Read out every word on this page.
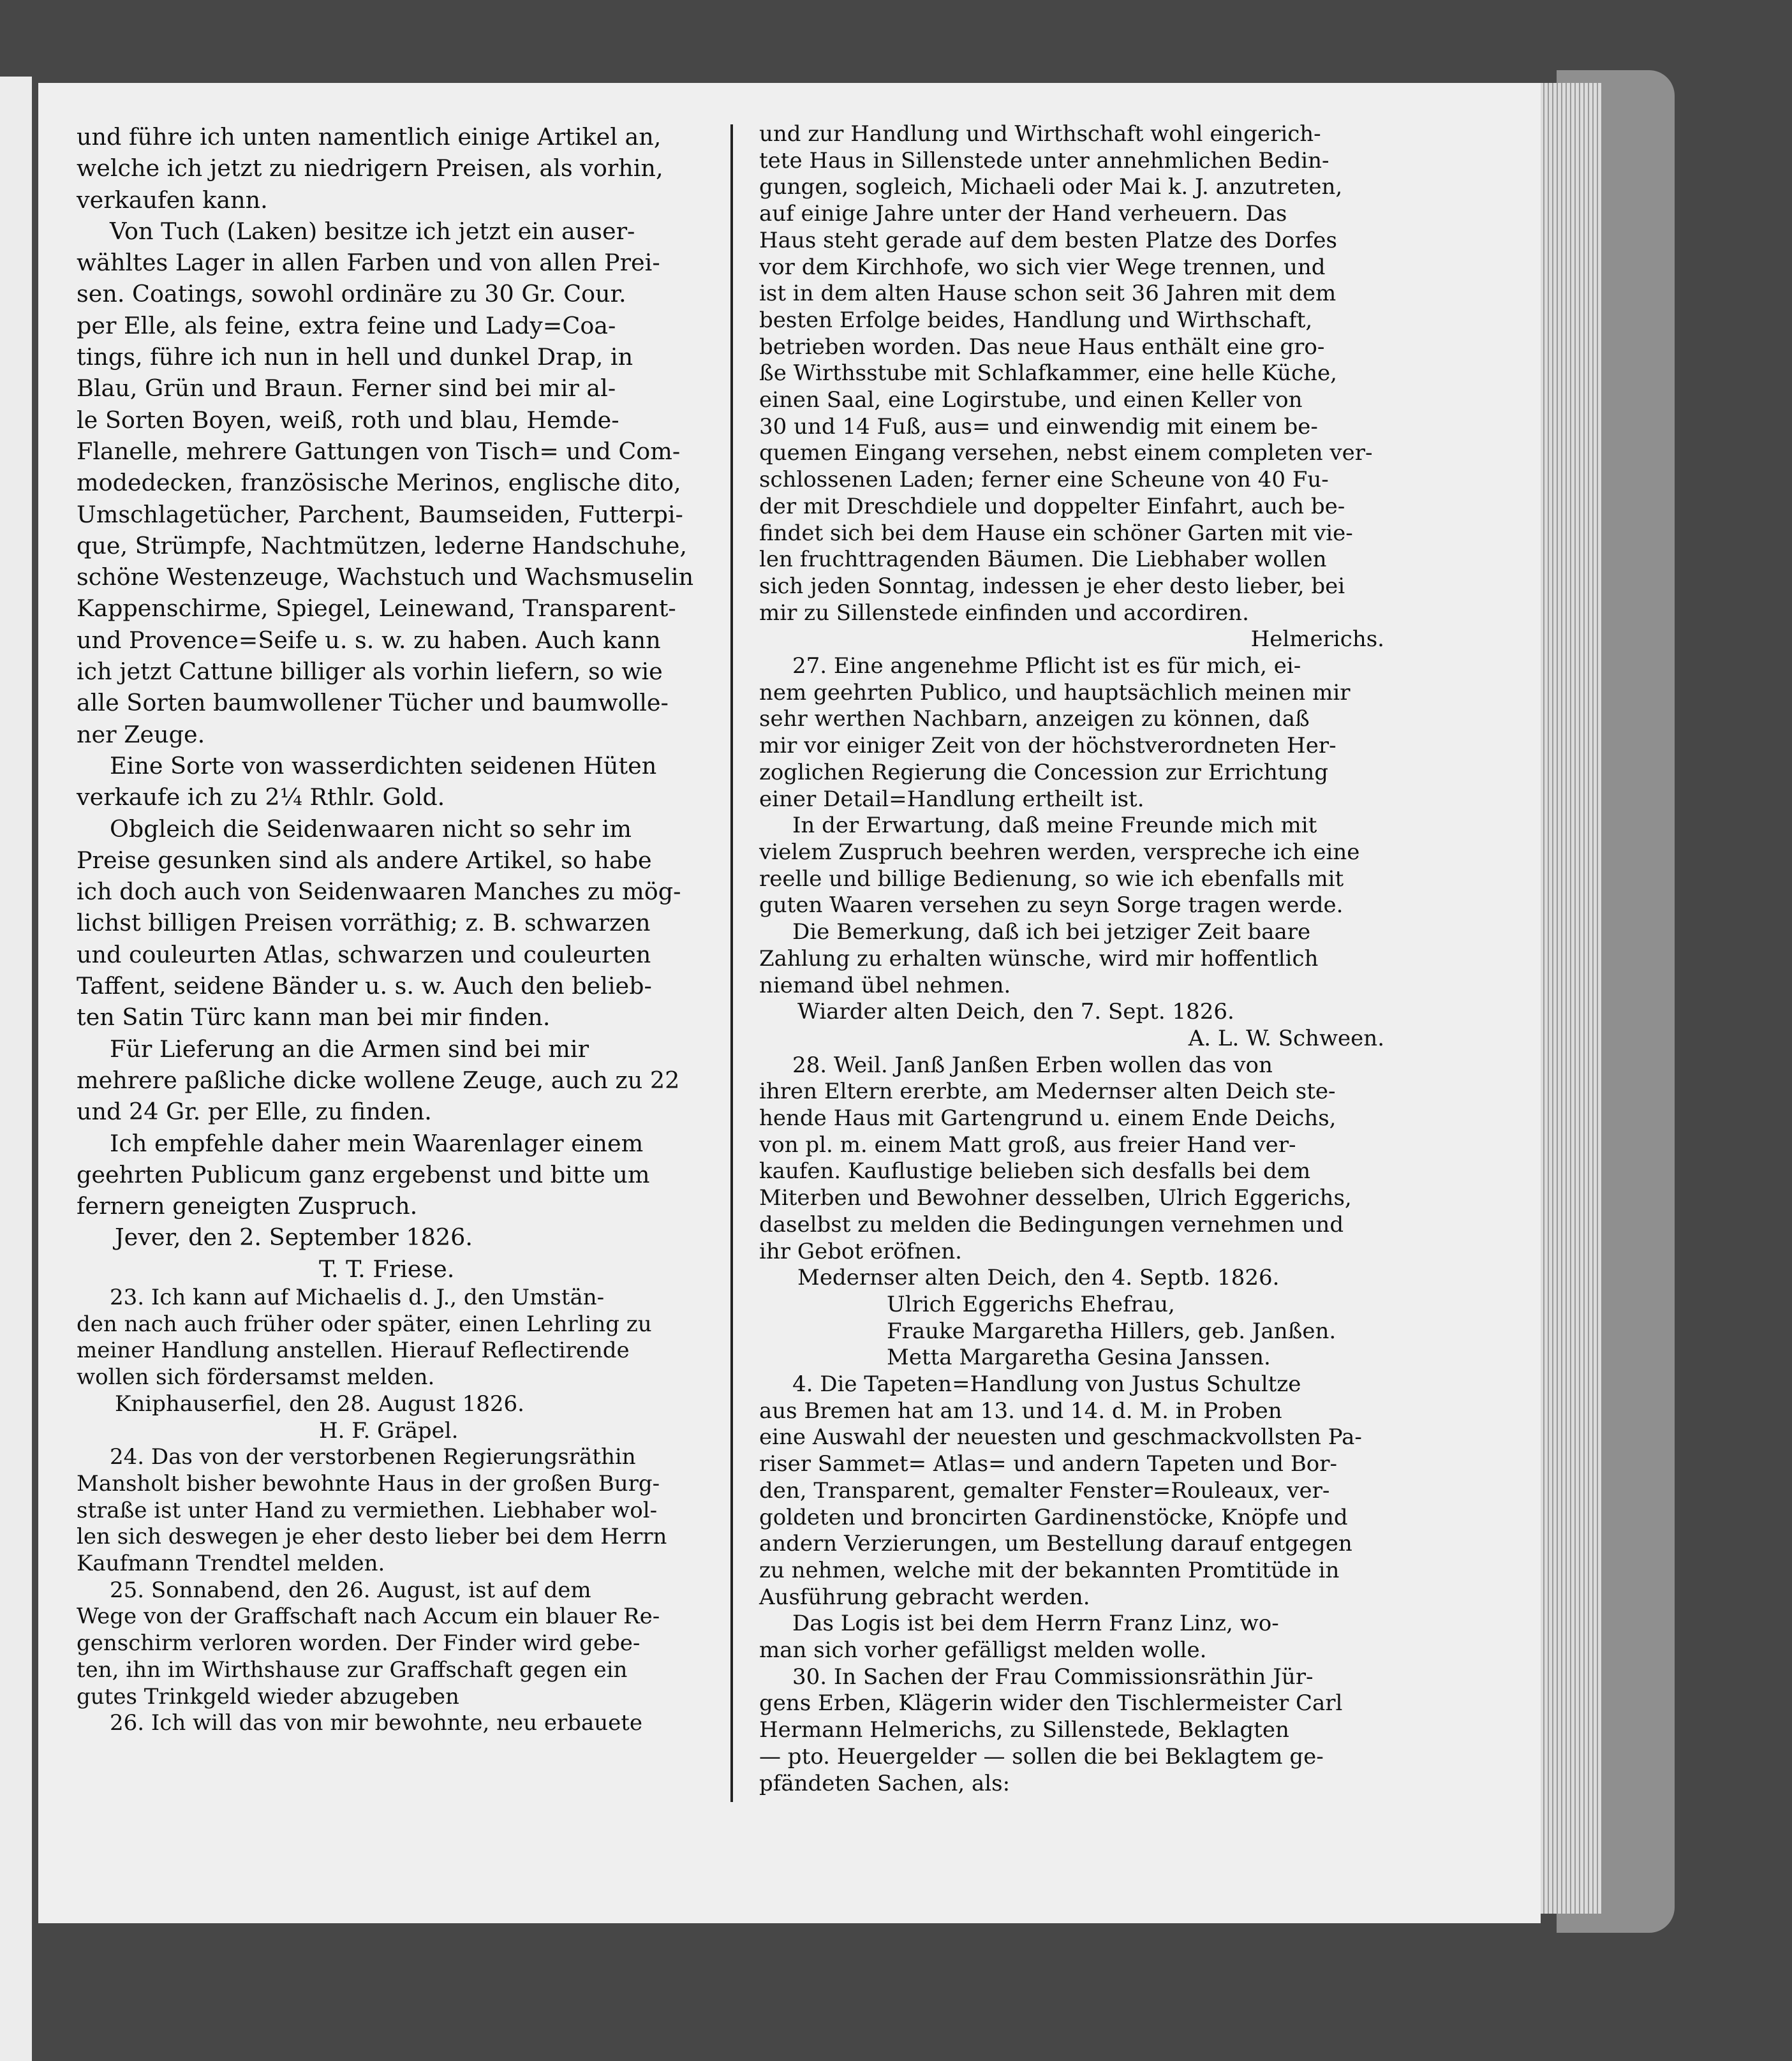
und führe ich unten namentlich einige Artikel an,
welche ich jetzt zu niedrigern Preisen, als vorhin,
verkaufen kann.

Von Tuch (Laken) besitze ich jetzt ein auser-
wähltes Lager in allen Farben und von allen Prei-
sen. Coatings, sowohl ordinäre zu 30 Gr. Cour.
per Elle, als feine, extra feine und Lady=Coa-
tings, führe ich nun in hell und dunkel Drap, in
Blau, Grün und Braun. Ferner sind bei mir al-
le Sorten Boyen, weiß, roth und blau, Hemde-
Flanelle, mehrere Gattungen von Tisch= und Com-
modedecken, französische Merinos, englische dito,
Umschlagetücher, Parchent, Baumseiden, Futterpi-
que, Strümpfe, Nachtmützen, lederne Handschuhe,
schöne Westenzeuge, Wachstuch und Wachsmuselin
Kappenschirme, Spiegel, Leinewand, Transparent-
und Provence=Seife u. s. w. zu haben. Auch kann
ich jetzt Cattune billiger als vorhin liefern, so wie
alle Sorten baumwollener Tücher und baumwolle-
ner Zeuge.

Eine Sorte von wasserdichten seidenen Hüten
verkaufe ich zu 2¼ Rthlr. Gold.

Obgleich die Seidenwaaren nicht so sehr im
Preise gesunken sind als andere Artikel, so habe
ich doch auch von Seidenwaaren Manches zu mög-
lichst billigen Preisen vorräthig; z. B. schwarzen
und couleurten Atlas, schwarzen und couleurten
Taffent, seidene Bänder u. s. w. Auch den belieb-
ten Satin Türc kann man bei mir finden.

Für Lieferung an die Armen sind bei mir
mehrere paßliche dicke wollene Zeuge, auch zu 22
und 24 Gr. per Elle, zu finden.

Ich empfehle daher mein Waarenlager einem
geehrten Publicum ganz ergebenst und bitte um
fernern geneigten Zuspruch.

Jever, den 2. September 1826.

T. T. Friese.

23. Ich kann auf Michaelis d. J., den Umstän-
den nach auch früher oder später, einen Lehrling zu
meiner Handlung anstellen. Hierauf Reflectirende
wollen sich fördersamst melden.

Kniphauserfiel, den 28. August 1826.

H. F. Gräpel.

24. Das von der verstorbenen Regierungsräthin
Mansholt bisher bewohnte Haus in der großen Burg-
straße ist unter Hand zu vermiethen. Liebhaber wol-
len sich deswegen je eher desto lieber bei dem Herrn
Kaufmann Trendtel melden.

25. Sonnabend, den 26. August, ist auf dem
Wege von der Graffschaft nach Accum ein blauer Re-
genschirm verloren worden. Der Finder wird gebe-
ten, ihn im Wirthshause zur Graffschaft gegen ein
gutes Trinkgeld wieder abzugeben

26. Ich will das von mir bewohnte, neu erbauete

und zur Handlung und Wirthschaft wohl eingerich-
tete Haus in Sillenstede unter annehmlichen Bedin-
gungen, sogleich, Michaeli oder Mai k. J. anzutreten,
auf einige Jahre unter der Hand verheuern. Das
Haus steht gerade auf dem besten Platze des Dorfes
vor dem Kirchhofe, wo sich vier Wege trennen, und
ist in dem alten Hause schon seit 36 Jahren mit dem
besten Erfolge beides, Handlung und Wirthschaft,
betrieben worden. Das neue Haus enthält eine gro-
ße Wirthsstube mit Schlafkammer, eine helle Küche,
einen Saal, eine Logirstube, und einen Keller von
30 und 14 Fuß, aus= und einwendig mit einem be-
quemen Eingang versehen, nebst einem completen ver-
schlossenen Laden; ferner eine Scheune von 40 Fu-
der mit Dreschdiele und doppelter Einfahrt, auch be-
findet sich bei dem Hause ein schöner Garten mit vie-
len fruchttragenden Bäumen. Die Liebhaber wollen
sich jeden Sonntag, indessen je eher desto lieber, bei
mir zu Sillenstede einfinden und accordiren.

Helmerichs.

27. Eine angenehme Pflicht ist es für mich, ei-
nem geehrten Publico, und hauptsächlich meinen mir
sehr werthen Nachbarn, anzeigen zu können, daß
mir vor einiger Zeit von der höchstverordneten Her-
zoglichen Regierung die Concession zur Errichtung
einer Detail=Handlung ertheilt ist.

In der Erwartung, daß meine Freunde mich mit
vielem Zuspruch beehren werden, verspreche ich eine
reelle und billige Bedienung, so wie ich ebenfalls mit
guten Waaren versehen zu seyn Sorge tragen werde.

Die Bemerkung, daß ich bei jetziger Zeit baare
Zahlung zu erhalten wünsche, wird mir hoffentlich
niemand übel nehmen.

Wiarder alten Deich, den 7. Sept. 1826.

A. L. W. Schween.

28. Weil. Janß Janßen Erben wollen das von
ihren Eltern ererbte, am Medernser alten Deich ste-
hende Haus mit Gartengrund u. einem Ende Deichs,
von pl. m. einem Matt groß, aus freier Hand ver-
kaufen. Kauflustige belieben sich desfalls bei dem
Miterben und Bewohner desselben, Ulrich Eggerichs,
daselbst zu melden die Bedingungen vernehmen und
ihr Gebot eröfnen.

Medernser alten Deich, den 4. Septb. 1826.

Ulrich Eggerichs Ehefrau,
Frauke Margaretha Hillers, geb. Janßen.
Metta Margaretha Gesina Janssen.

4. Die Tapeten=Handlung von Justus Schultze
aus Bremen hat am 13. und 14. d. M. in Proben
eine Auswahl der neuesten und geschmackvollsten Pa-
riser Sammet= Atlas= und andern Tapeten und Bor-
den, Transparent, gemalter Fenster=Rouleaux, ver-
goldeten und broncirten Gardinenstöcke, Knöpfe und
andern Verzierungen, um Bestellung darauf entgegen
zu nehmen, welche mit der bekannten Promtitüde in
Ausführung gebracht werden.

Das Logis ist bei dem Herrn Franz Linz, wo-
man sich vorher gefälligst melden wolle.

30. In Sachen der Frau Commissionsräthin Jür-
gens Erben, Klägerin wider den Tischlermeister Carl
Hermann Helmerichs, zu Sillenstede, Beklagten
— pto. Heuergelder — sollen die bei Beklagtem ge-
pfändeten Sachen, als:
